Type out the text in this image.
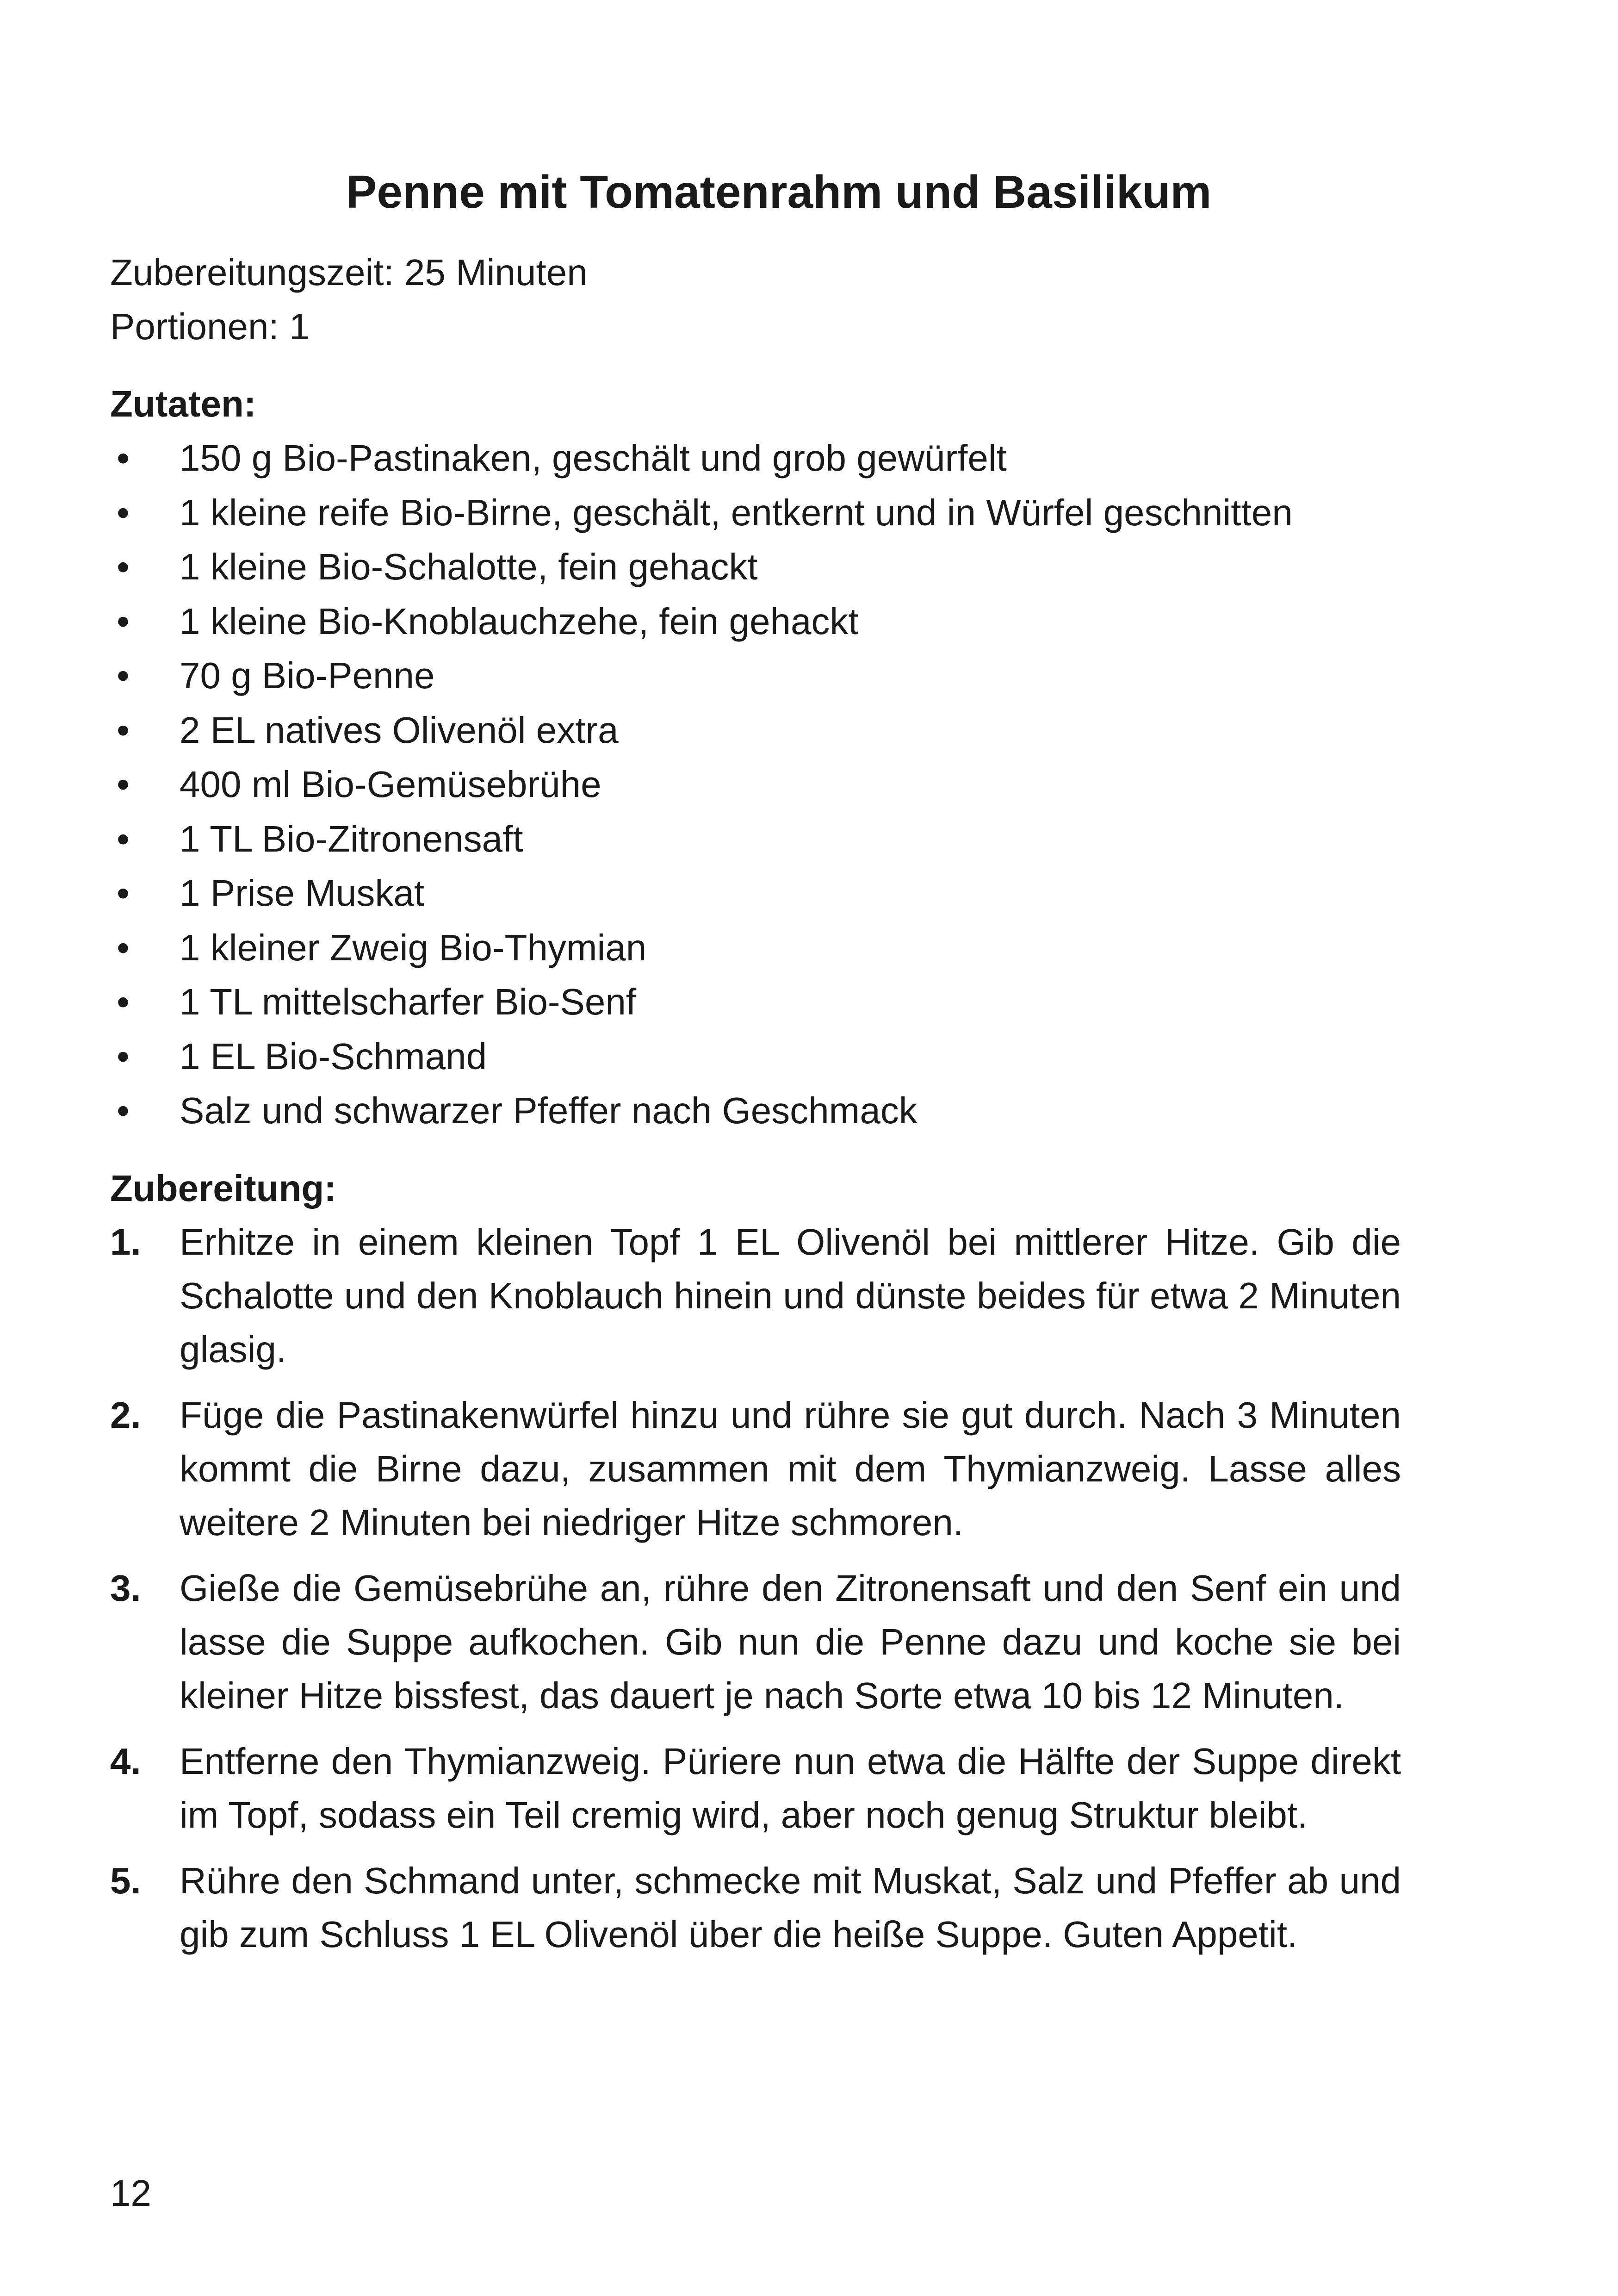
Penne mit Tomatenrahm und Basilikum
Zubereitungszeit: 25 Minuten
Portionen: 1
Zutaten:
• 150 g Bio-Pastinaken, geschält und grob gewürfelt
• 1 kleine reife Bio-Birne, geschält, entkernt und in Würfel geschnitten
• 1 kleine Bio-Schalotte, fein gehackt
• 1 kleine Bio-Knoblauchzehe, fein gehackt
• 70 g Bio-Penne
• 2 EL natives Olivenöl extra
• 400 ml Bio-Gemüsebrühe
• 1 TL Bio-Zitronensaft
• 1 Prise Muskat
• 1 kleiner Zweig Bio-Thymian
• 1 TL mittelscharfer Bio-Senf
• 1 EL Bio-Schmand
• Salz und schwarzer Pfeffer nach Geschmack
Zubereitung:
1. Erhitze in einem kleinen Topf 1 EL Olivenöl bei mittlerer Hitze. Gib die Schalotte und den Knoblauch hinein und dünste beides für etwa 2 Minuten glasig.
2. Füge die Pastinakenwürfel hinzu und rühre sie gut durch. Nach 3 Minuten kommt die Birne dazu, zusammen mit dem Thymianzweig. Lasse alles weitere 2 Minuten bei niedriger Hitze schmoren.
3. Gieße die Gemüsebrühe an, rühre den Zitronensaft und den Senf ein und lasse die Suppe aufkochen. Gib nun die Penne dazu und koche sie bei kleiner Hitze bissfest, das dauert je nach Sorte etwa 10 bis 12 Minuten.
4. Entferne den Thymianzweig. Püriere nun etwa die Hälfte der Suppe direkt im Topf, sodass ein Teil cremig wird, aber noch genug Struktur bleibt.
5. Rühre den Schmand unter, schmecke mit Muskat, Salz und Pfeffer ab und gib zum Schluss 1 EL Olivenöl über die heiße Suppe. Guten Appetit.
12
